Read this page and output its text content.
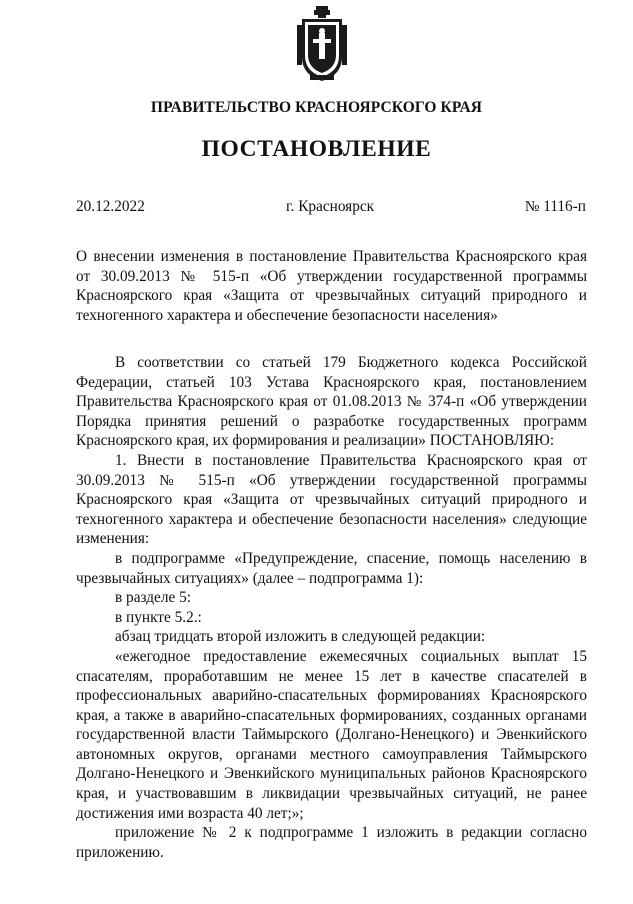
ПРАВИТЕЛЬСТВО КРАСНОЯРСКОГО КРАЯ
ПОСТАНОВЛЕНИЕ
20.12.2022	г. Красноярск	№ 1116-п

О внесении изменения в постановление Правительства Красноярского края от 30.09.2013 № 515-п «Об утверждении государственной программы Красноярского края «Защита от чрезвычайных ситуаций природного и техногенного характера и обеспечение безопасности населения»

В соответствии со статьей 179 Бюджетного кодекса Российской Федерации, статьей 103 Устава Красноярского края, постановлением Правительства Красноярского края от 01.08.2013 № 374-п «Об утверждении Порядка принятия решений о разработке государственных программ Красноярского края, их формирования и реализации» ПОСТАНОВЛЯЮ:

1. Внести в постановление Правительства Красноярского края от 30.09.2013 № 515-п «Об утверждении государственной программы Красноярского края «Защита от чрезвычайных ситуаций природного и техногенного характера и обеспечение безопасности населения» следующие изменения:

в подпрограмме «Предупреждение, спасение, помощь населению в чрезвычайных ситуациях» (далее – подпрограмма 1):

в разделе 5:

в пункте 5.2.:

абзац тридцать второй изложить в следующей редакции:

«ежегодное предоставление ежемесячных социальных выплат 15 спасателям, проработавшим не менее 15 лет в качестве спасателей в профессиональных аварийно-спасательных формированиях Красноярского края, а также в аварийно-спасательных формированиях, созданных органами государственной власти Таймырского (Долгано-Ненецкого) и Эвенкийского автономных округов, органами местного самоуправления Таймырского Долгано-Ненецкого и Эвенкийского муниципальных районов Красноярского края, и участвовавшим в ликвидации чрезвычайных ситуаций, не ранее достижения ими возраста 40 лет;»;

приложение № 2 к подпрограмме 1 изложить в редакции согласно приложению.
